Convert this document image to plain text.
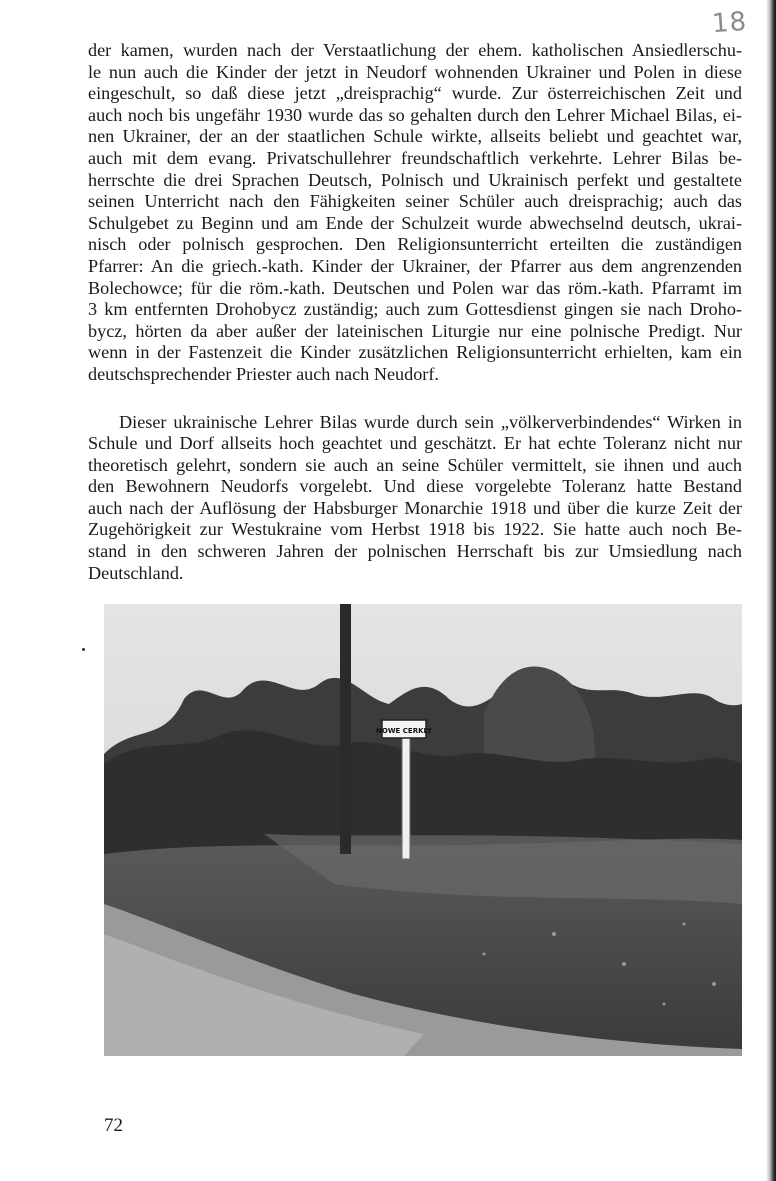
18
der kamen, wurden nach der Verstaatlichung der ehem. katholischen Ansiedlerschu-
le nun auch die Kinder der jetzt in Neudorf wohnenden Ukrainer und Polen in diese
eingeschult, so daß diese jetzt „dreisprachig“ wurde. Zur österreichischen Zeit und
auch noch bis ungefähr 1930 wurde das so gehalten durch den Lehrer Michael Bilas, ei-
nen Ukrainer, der an der staatlichen Schule wirkte, allseits beliebt und geachtet war,
auch mit dem evang. Privatschullehrer freundschaftlich verkehrte. Lehrer Bilas be-
herrschte die drei Sprachen Deutsch, Polnisch und Ukrainisch perfekt und gestaltete
seinen Unterricht nach den Fähigkeiten seiner Schüler auch dreisprachig; auch das
Schulgebet zu Beginn und am Ende der Schulzeit wurde abwechselnd deutsch, ukrai-
nisch oder polnisch gesprochen. Den Religionsunterricht erteilten die zuständigen
Pfarrer: An die griech.-kath. Kinder der Ukrainer, der Pfarrer aus dem angrenzenden
Bolechowce; für die röm.-kath. Deutschen und Polen war das röm.-kath. Pfarramt im
3 km entfernten Drohobycz zuständig; auch zum Gottesdienst gingen sie nach Droho-
bycz, hörten da aber außer der lateinischen Liturgie nur eine polnische Predigt. Nur
wenn in der Fastenzeit die Kinder zusätzlichen Religionsunterricht erhielten, kam ein
deutschsprechender Priester auch nach Neudorf.
Dieser ukrainische Lehrer Bilas wurde durch sein „völkerverbindendes“ Wirken in
Schule und Dorf allseits hoch geachtet und geschätzt. Er hat echte Toleranz nicht nur
theoretisch gelehrt, sondern sie auch an seine Schüler vermittelt, sie ihnen und auch
den Bewohnern Neudorfs vorgelebt. Und diese vorgelebte Toleranz hatte Bestand
auch nach der Auflösung der Habsburger Monarchie 1918 und über die kurze Zeit der
Zugehörigkeit zur Westukraine vom Herbst 1918 bis 1922. Sie hatte auch noch Be-
stand in den schweren Jahren der polnischen Herrschaft bis zur Umsiedlung nach
Deutschland.
NOWE CERKLY
72
